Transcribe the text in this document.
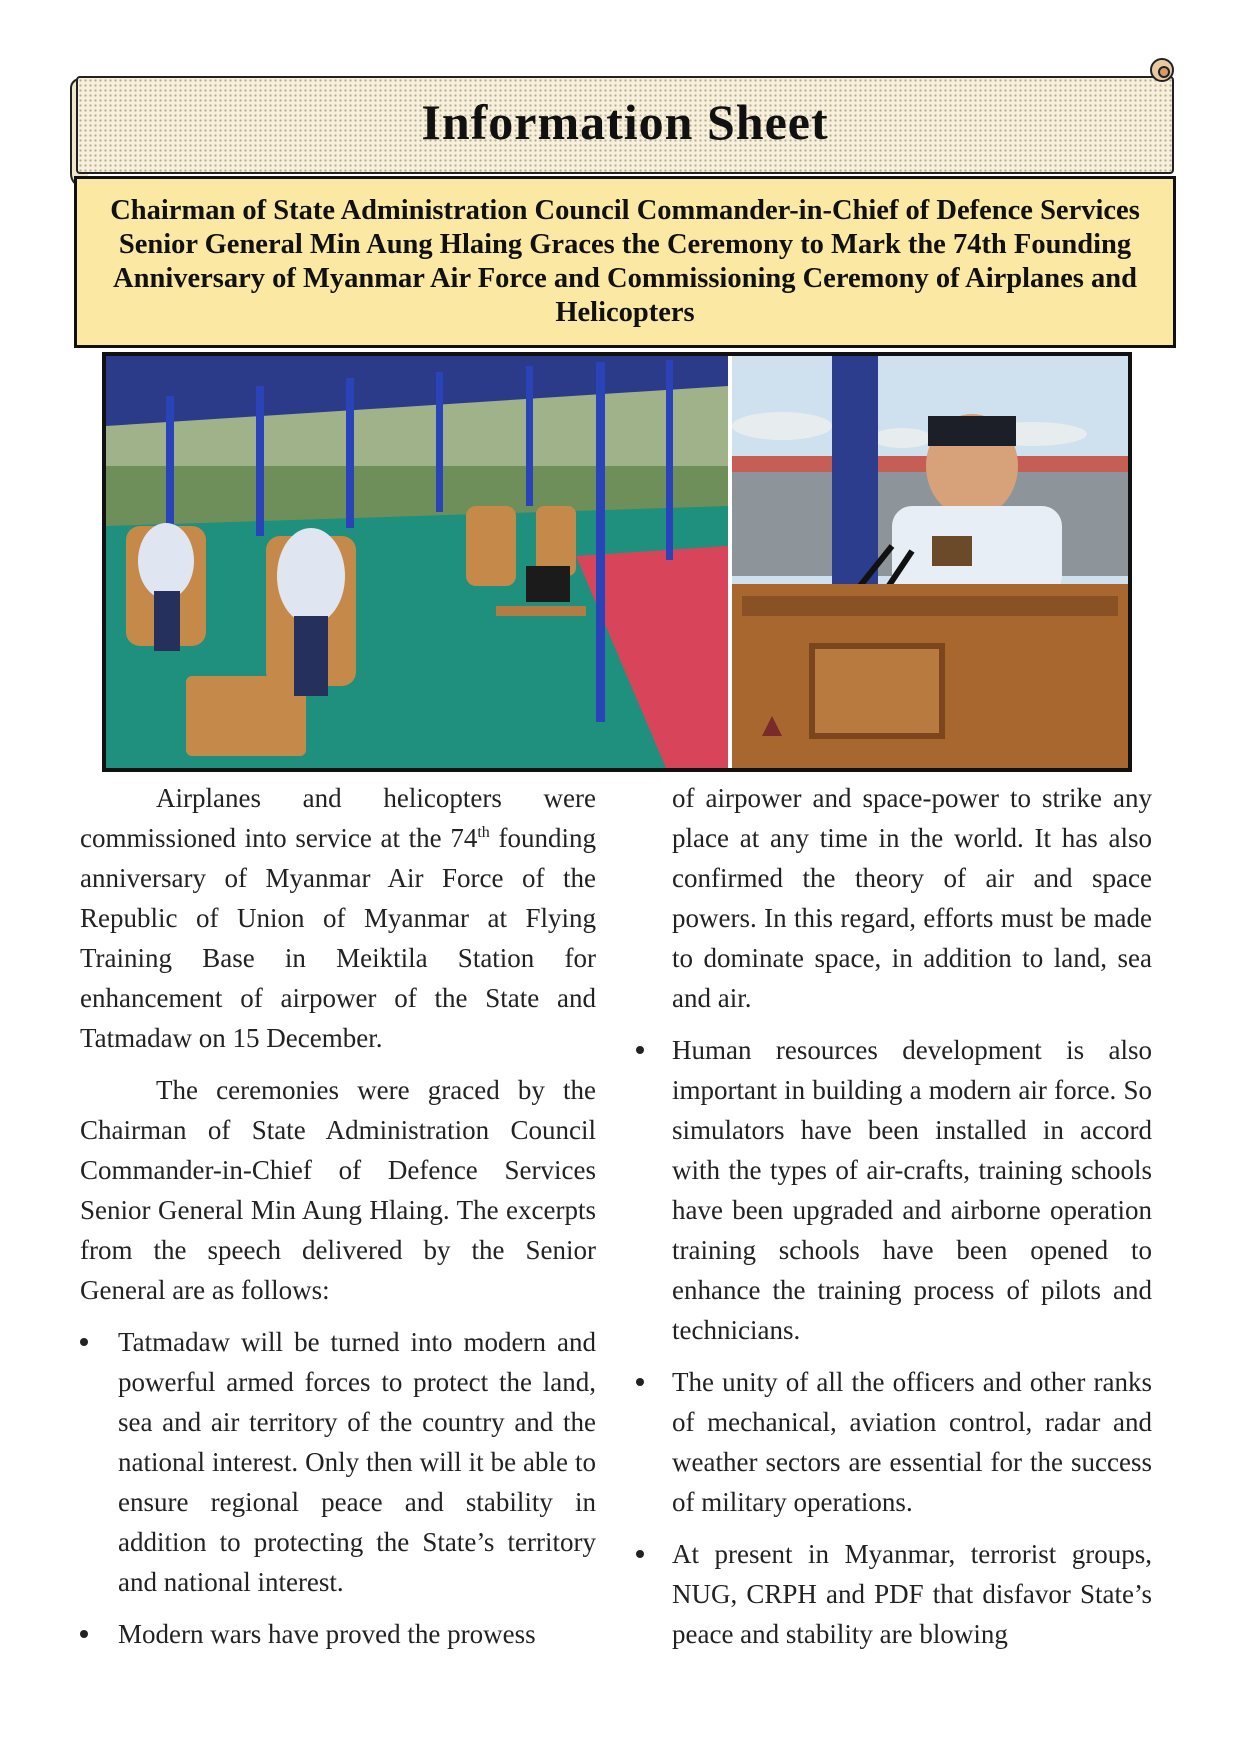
Information Sheet
Chairman of State Administration Council Commander-in-Chief of Defence Services Senior General Min Aung Hlaing Graces the Ceremony to Mark the 74th Founding Anniversary of Myanmar Air Force and Commissioning Ceremony of Airplanes and Helicopters

Airplanes and helicopters were commissioned into service at the 74th founding anniversary of Myanmar Air Force of the Republic of Union of Myanmar at Flying Training Base in Meiktila Station for enhancement of airpower of the State and Tatmadaw on 15 December.

The ceremonies were graced by the Chairman of State Administration Council Commander-in-Chief of Defence Services Senior General Min Aung Hlaing. The excerpts from the speech delivered by the Senior General are as follows:

Tatmadaw will be turned into modern and powerful armed forces to protect the land, sea and air territory of the country and the national interest. Only then will it be able to ensure regional peace and stability in addition to protecting the State’s territory and national interest.
Modern wars have proved the prowess

of airpower and space-power to strike any place at any time in the world. It has also confirmed the theory of air and space powers. In this regard, efforts must be made to dominate space, in addition to land, sea and air.

Human resources development is also important in building a modern air force. So simulators have been installed in accord with the types of air-crafts, training schools have been upgraded and airborne operation training schools have been opened to enhance the training process of pilots and technicians.
The unity of all the officers and other ranks of mechanical, aviation control, radar and weather sectors are essential for the success of military operations.
At present in Myanmar, terrorist groups, NUG, CRPH and PDF that disfavor State’s peace and stability are blowing
